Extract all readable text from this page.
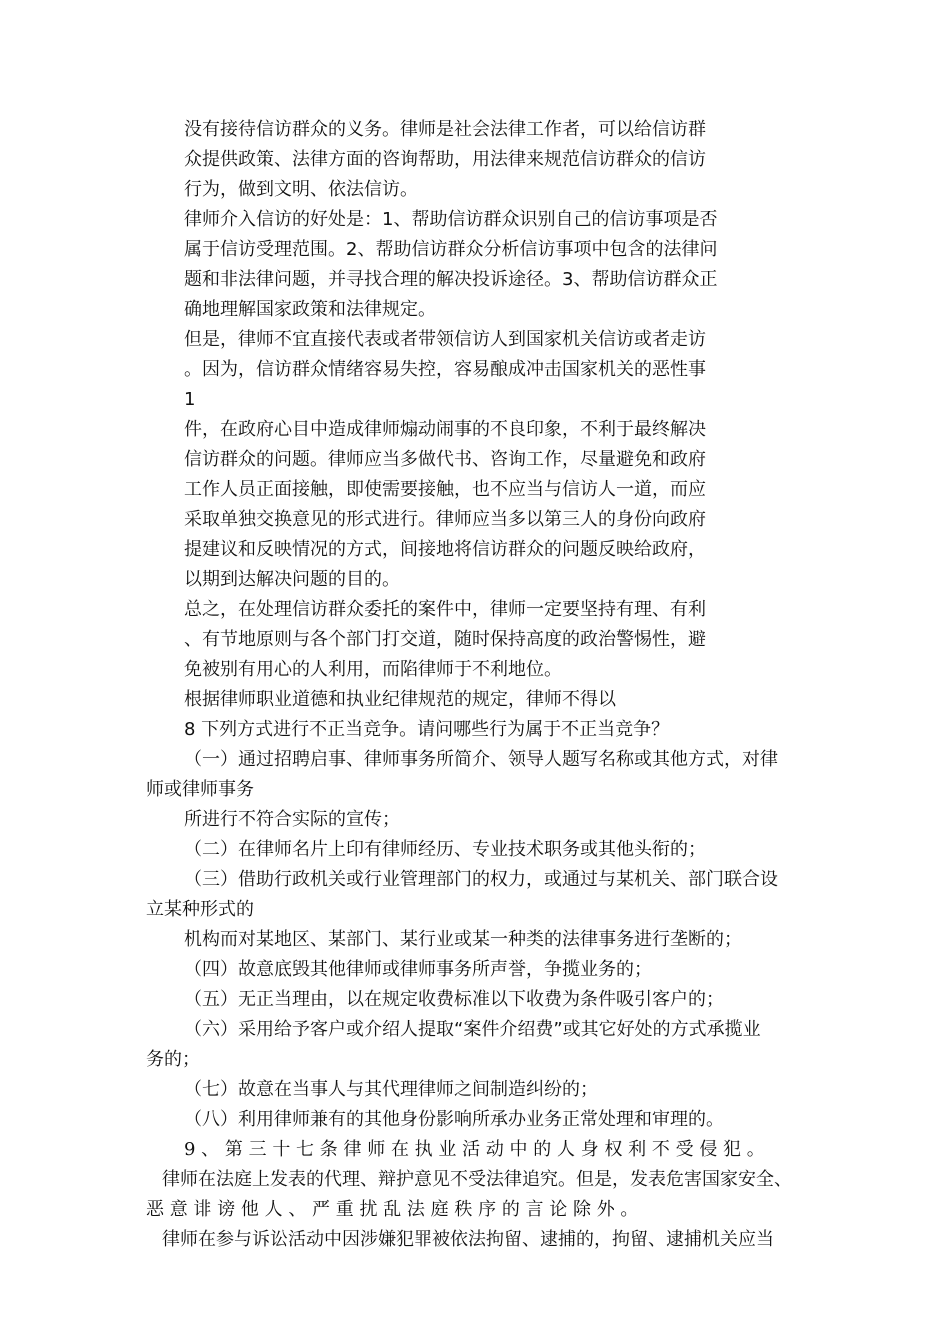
没有接待信访群众的义务。律师是社会法律工作者，可以给信访群
众提供政策、法律方面的咨询帮助，用法律来规范信访群众的信访
行为，做到文明、依法信访。
律师介入信访的好处是：1、帮助信访群众识别自己的信访事项是否
属于信访受理范围。2、帮助信访群众分析信访事项中包含的法律问
题和非法律问题，并寻找合理的解决投诉途径。3、帮助信访群众正
确地理解国家政策和法律规定。
但是，律师不宜直接代表或者带领信访人到国家机关信访或者走访
。因为，信访群众情绪容易失控，容易酿成冲击国家机关的恶性事
1
件，在政府心目中造成律师煽动闹事的不良印象，不利于最终解决
信访群众的问题。律师应当多做代书、咨询工作，尽量避免和政府
工作人员正面接触，即使需要接触，也不应当与信访人一道，而应
采取单独交换意见的形式进行。律师应当多以第三人的身份向政府
提建议和反映情况的方式，间接地将信访群众的问题反映给政府，
以期到达解决问题的目的。
总之，在处理信访群众委托的案件中，律师一定要坚持有理、有利
、有节地原则与各个部门打交道，随时保持高度的政治警惕性，避
免被别有用心的人利用，而陷律师于不利地位。
根据律师职业道德和执业纪律规范的规定，律师不得以
8 下列方式进行不正当竞争。请问哪些行为属于不正当竞争？
（一）通过招聘启事、律师事务所简介、领导人题写名称或其他方式，对律
师或律师事务
所进行不符合实际的宣传；
（二）在律师名片上印有律师经历、专业技术职务或其他头衔的；
（三）借助行政机关或行业管理部门的权力，或通过与某机关、部门联合设
立某种形式的
机构而对某地区、某部门、某行业或某一种类的法律事务进行垄断的；
（四）故意底毁其他律师或律师事务所声誉，争揽业务的；
（五）无正当理由，以在规定收费标准以下收费为条件吸引客户的；
（六）采用给予客户或介绍人提取“案件介绍费”或其它好处的方式承揽业
务的；
（七）故意在当事人与其代理律师之间制造纠纷的；
（八）利用律师兼有的其他身份影响所承办业务正常处理和审理的。
9 、 第 三 十 七 条 律 师 在 执 业 活 动 中 的 人 身 权 利 不 受 侵 犯 。
律师在法庭上发表的代理、辩护意见不受法律追究。但是，发表危害国家安全、
恶 意 诽 谤 他 人 、 严 重 扰 乱 法 庭 秩 序 的 言 论 除 外 。
律师在参与诉讼活动中因涉嫌犯罪被依法拘留、逮捕的，拘留、逮捕机关应当
